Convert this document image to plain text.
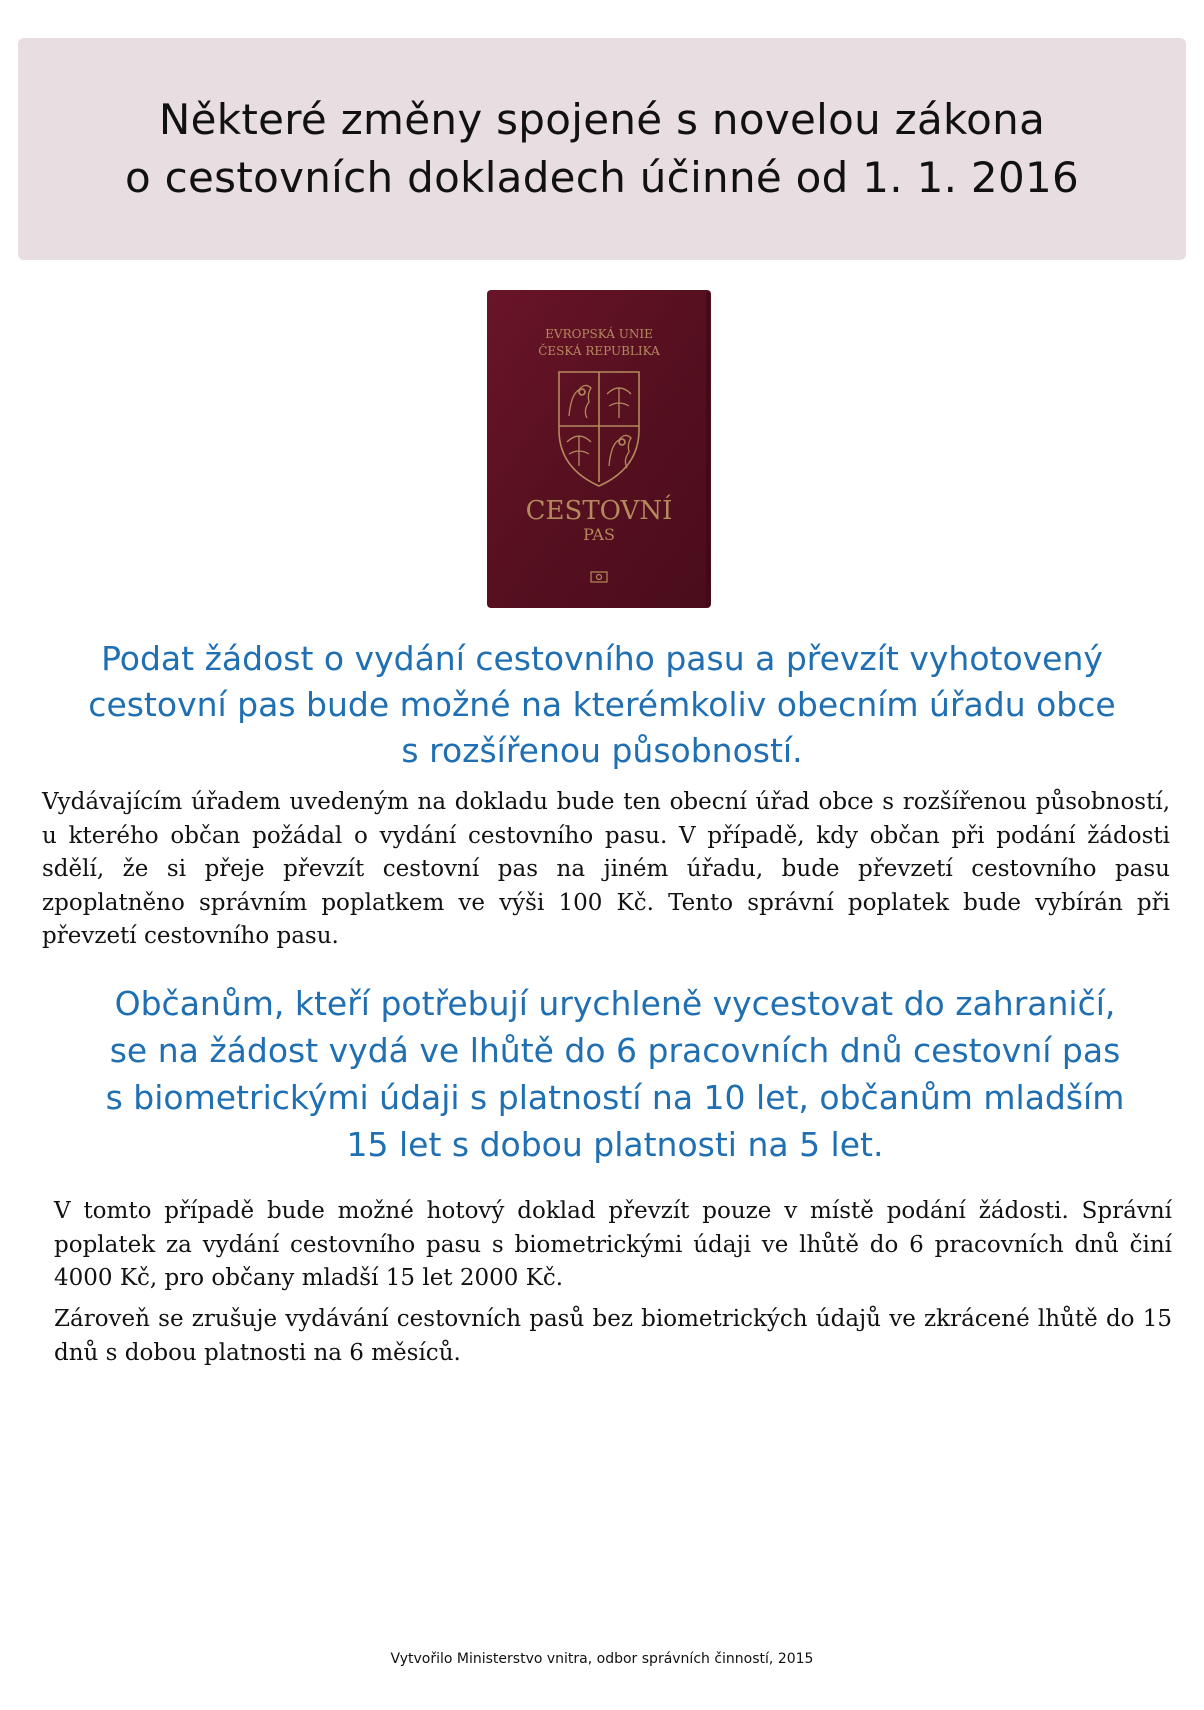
Některé změny spojené s novelou zákona
o cestovních dokladech účinné od 1. 1. 2016
EVROPSKÁ UNIE
ČESKÁ REPUBLIKA
CESTOVNÍ
PAS
Podat žádost o vydání cestovního pasu a převzít vyhotovený
cestovní pas bude možné na kterémkoliv obecním úřadu obce
s rozšířenou působností.
Vydávajícím úřadem uvedeným na dokladu bude ten obecní úřad obce s rozšířenou působností, u kterého občan požádal o vydání cestovního pasu. V případě, kdy občan při podání žádosti sdělí, že si přeje převzít cestovní pas na jiném úřadu, bude převzetí cestovního pasu zpoplatněno správním poplatkem ve výši 100 Kč. Tento správní poplatek bude vybírán při převzetí cestovního pasu.
Občanům, kteří potřebují urychleně vycestovat do zahraničí,
se na žádost vydá ve lhůtě do 6 pracovních dnů cestovní pas
s biometrickými údaji s platností na 10 let, občanům mladším
15 let s dobou platnosti na 5 let.
V tomto případě bude možné hotový doklad převzít pouze v místě podání žádosti. Správní poplatek za vydání cestovního pasu s biometrickými údaji ve lhůtě do 6 pracovních dnů činí 4000 Kč, pro občany mladší 15 let 2000 Kč.
Zároveň se zrušuje vydávání cestovních pasů bez biometrických údajů ve zkrácené lhůtě do 15 dnů s dobou platnosti na 6 měsíců.
Vytvořilo Ministerstvo vnitra, odbor správních činností, 2015
